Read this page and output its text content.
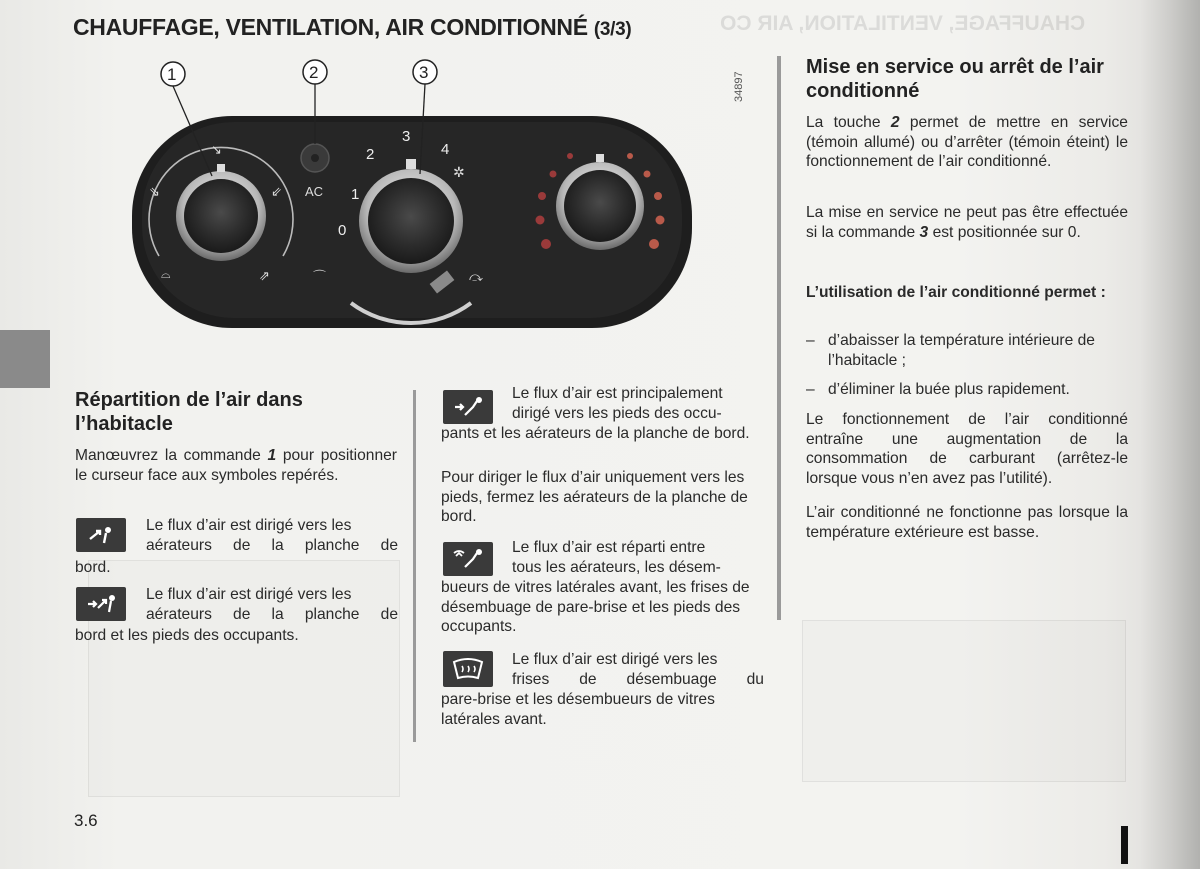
CHAUFFAGE, VENTILATION, AIR CO
CHAUFFAGE, VENTILATION, AIR CONDITIONNÉ (3/3)
↘
⇘	⇙
⌓	⇗
AC 1
2
3
4
0
✲
⤼
⌒
1	2	3	34897
Répartition de l’air dans l’habitacle
Manœuvrez la commande 1 pour positionner le curseur face aux symboles repérés.
Le flux d’air est dirigé vers les
aérateurs de la planche de
bord.
Le flux d’air est dirigé vers les
aérateurs de la planche de
bord et les pieds des occupants.
Le flux d’air est principalement
dirigé vers les pieds des occu-
pants et les aérateurs de la planche de bord.
Pour diriger le flux d’air uniquement vers les pieds, fermez les aérateurs de la planche de bord.
Le flux d’air est réparti entre
tous les aérateurs, les désem-
bueurs de vitres latérales avant, les frises de désembuage de pare-brise et les pieds des occupants.
Le flux d’air est dirigé vers les
frises de désembuage du
pare-brise et les désembueurs de vitres latérales avant.
Mise en service ou arrêt de l’air conditionné
La touche 2 permet de mettre en service (témoin allumé) ou d’arrêter (témoin éteint) le fonctionnement de l’air conditionné.
La mise en service ne peut pas être effectuée si la commande 3 est positionnée sur 0.
L’utilisation de l’air conditionné permet :
– d’abaisser la température intérieure de l’habitacle ;
– d’éliminer la buée plus rapidement.
Le fonctionnement de l’air conditionné entraîne une augmentation de la consommation de carburant (arrêtez-le lorsque vous n’en avez pas l’utilité).
L’air conditionné ne fonctionne pas lorsque la température extérieure est basse.
3.6
